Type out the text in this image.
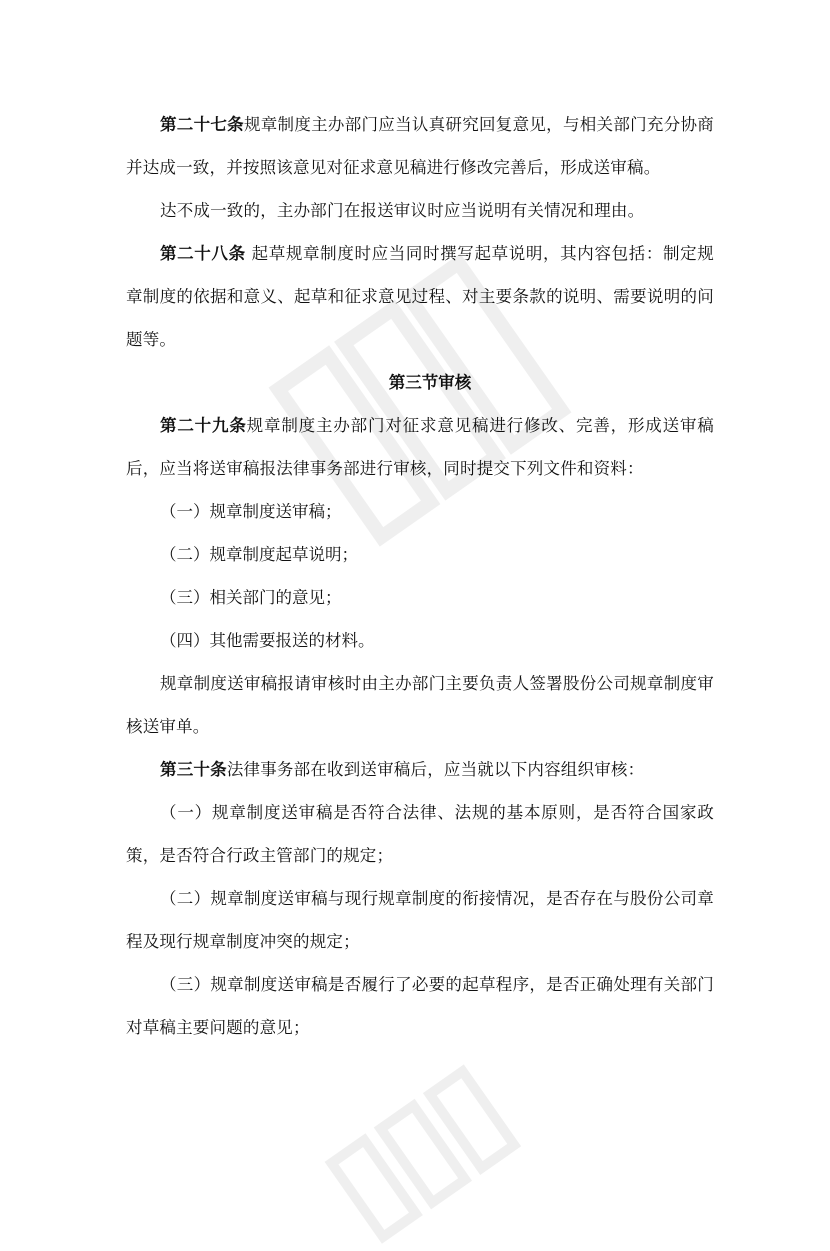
第二十七条规章制度主办部门应当认真研究回复意见，与相关部门充分协商并达成一致，并按照该意见对征求意见稿进行修改完善后，形成送审稿。

达不成一致的，主办部门在报送审议时应当说明有关情况和理由。

第二十八条 起草规章制度时应当同时撰写起草说明，其内容包括：制定规章制度的依据和意义、起草和征求意见过程、对主要条款的说明、需要说明的问题等。

第三节审核

第二十九条规章制度主办部门对征求意见稿进行修改、完善，形成送审稿后，应当将送审稿报法律事务部进行审核，同时提交下列文件和资料：

（一）规章制度送审稿；

（二）规章制度起草说明；

（三）相关部门的意见；

（四）其他需要报送的材料。

规章制度送审稿报请审核时由主办部门主要负责人签署股份公司规章制度审核送审单。

第三十条法律事务部在收到送审稿后，应当就以下内容组织审核：

（一）规章制度送审稿是否符合法律、法规的基本原则，是否符合国家政策，是否符合行政主管部门的规定；

（二）规章制度送审稿与现行规章制度的衔接情况，是否存在与股份公司章程及现行规章制度冲突的规定；

（三）规章制度送审稿是否履行了必要的起草程序，是否正确处理有关部门对草稿主要问题的意见；
